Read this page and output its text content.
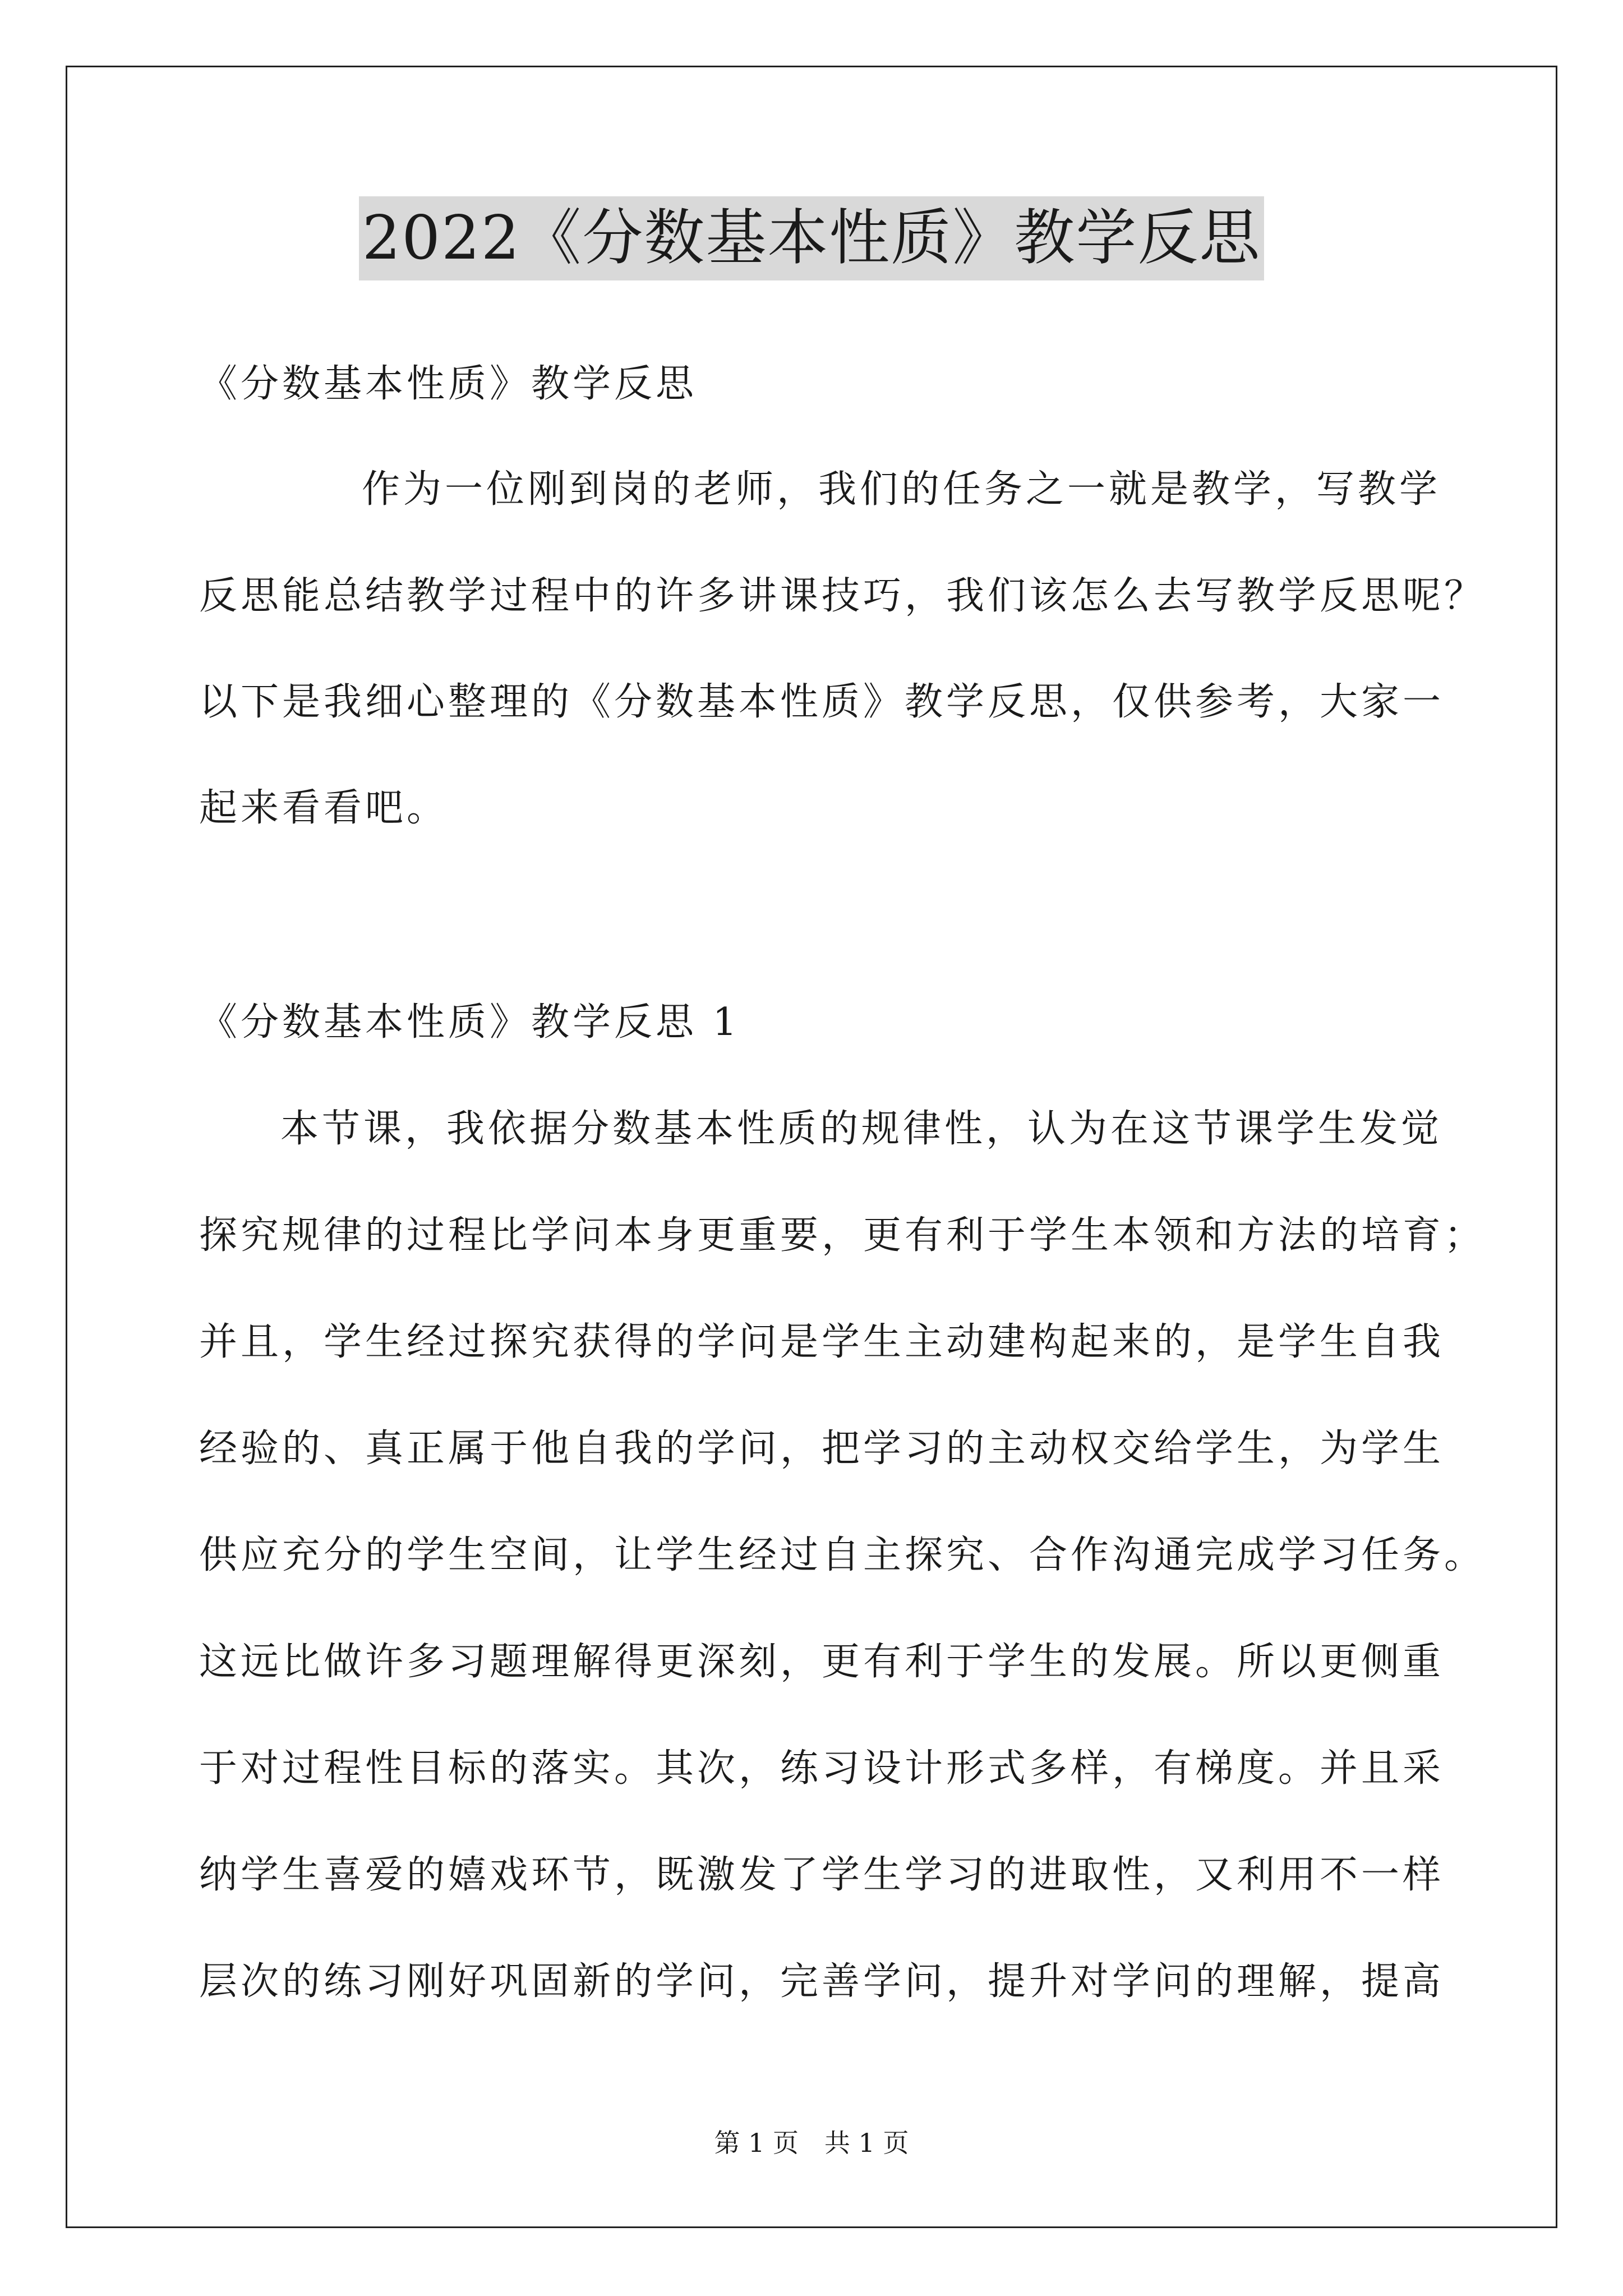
2022《分数基本性质》教学反思
《分数基本性质》教学反思
作为一位刚到岗的老师，我们的任务之一就是教学，写教学
反思能总结教学过程中的许多讲课技巧，我们该怎么去写教学反思呢？
以下是我细心整理的《分数基本性质》教学反思，仅供参考，大家一
起来看看吧。
《分数基本性质》教学反思 1
本节课，我依据分数基本性质的规律性，认为在这节课学生发觉
探究规律的过程比学问本身更重要，更有利于学生本领和方法的培育；
并且，学生经过探究获得的学问是学生主动建构起来的，是学生自我
经验的、真正属于他自我的学问，把学习的主动权交给学生，为学生
供应充分的学生空间，让学生经过自主探究、合作沟通完成学习任务。
这远比做许多习题理解得更深刻，更有利于学生的发展。所以更侧重
于对过程性目标的落实。其次，练习设计形式多样，有梯度。并且采
纳学生喜爱的嬉戏环节，既激发了学生学习的进取性，又利用不一样
层次的练习刚好巩固新的学问，完善学问，提升对学问的理解，提高
第 1 页　共 1 页
